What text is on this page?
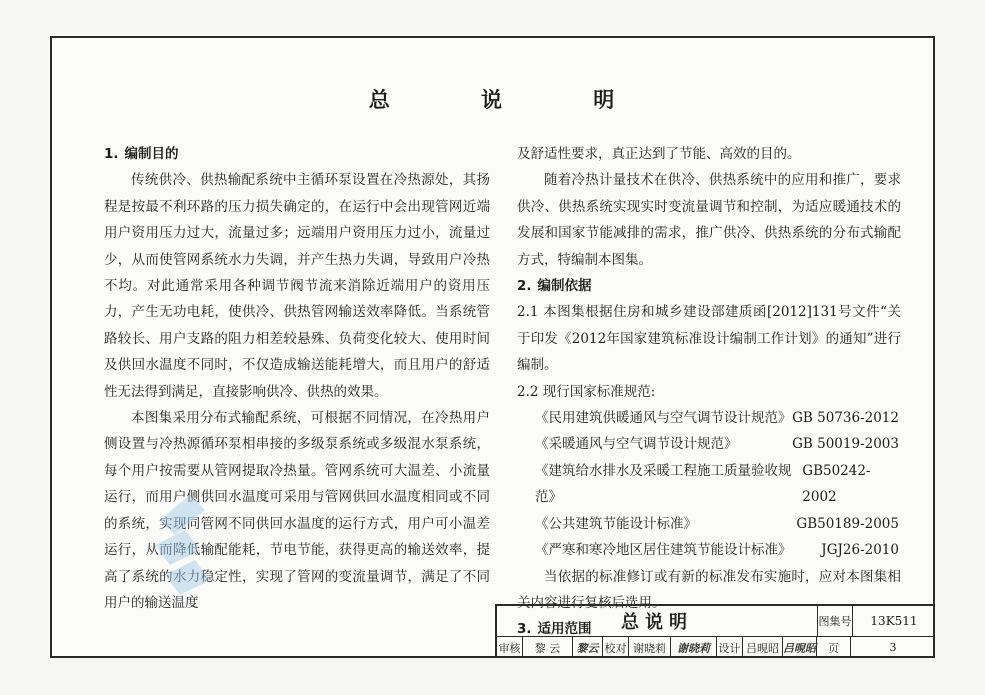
总 说 明

1. 编制目的

传统供冷、供热输配系统中主循环泵设置在冷热源处，其扬程是按最不利环路的压力损失确定的，在运行中会出现管网近端用户资用压力过大，流量过多；远端用户资用压力过小，流量过少，从而使管网系统水力失调，并产生热力失调，导致用户冷热不均。对此通常采用各种调节阀节流来消除近端用户的资用压力，产生无功电耗，使供冷、供热管网输送效率降低。当系统管路较长、用户支路的阻力相差较悬殊、负荷变化较大、使用时间及供回水温度不同时，不仅造成输送能耗增大，而且用户的舒适性无法得到满足，直接影响供冷、供热的效果。

本图集采用分布式输配系统，可根据不同情况，在冷热用户侧设置与冷热源循环泵相串接的多级泵系统或多级混水泵系统，每个用户按需要从管网提取冷热量。管网系统可大温差、小流量运行，而用户侧供回水温度可采用与管网供回水温度相同或不同的系统，实现同管网不同供回水温度的运行方式，用户可小温差运行，从而降低输配能耗，节电节能，获得更高的输送效率，提高了系统的水力稳定性，实现了管网的变流量调节，满足了不同用户的输送温度

及舒适性要求，真正达到了节能、高效的目的。

随着冷热计量技术在供冷、供热系统中的应用和推广，要求供冷、供热系统实现实时变流量调节和控制，为适应暖通技术的发展和国家节能减排的需求，推广供冷、供热系统的分布式输配方式，特编制本图集。

2. 编制依据

2.1 本图集根据住房和城乡建设部建质函[2012]131号文件“关于印发《2012年国家建筑标准设计编制工作计划》的通知”进行编制。

2.2 现行国家标准规范:

《民用建筑供暖通风与空气调节设计规范》 GB 50736-2012
《采暖通风与空气调节设计规范》	GB 50019-2003
《建筑给水排水及采暖工程施工质量验收规范》
GB50242-2002
《公共建筑节能设计标准》	GB50189-2005
《严寒和寒冷地区居住建筑节能设计标准》 JGJ26-2010

当依据的标准修订或有新的标准发布实施时，应对本图集相关内容进行复核后选用。

3. 适用范围	总说明	图集号	13K511
审核	黎 云	黎云 校对 谢晓莉	谢晓莉 设计 吕晛昭 吕晛昭	页	3
